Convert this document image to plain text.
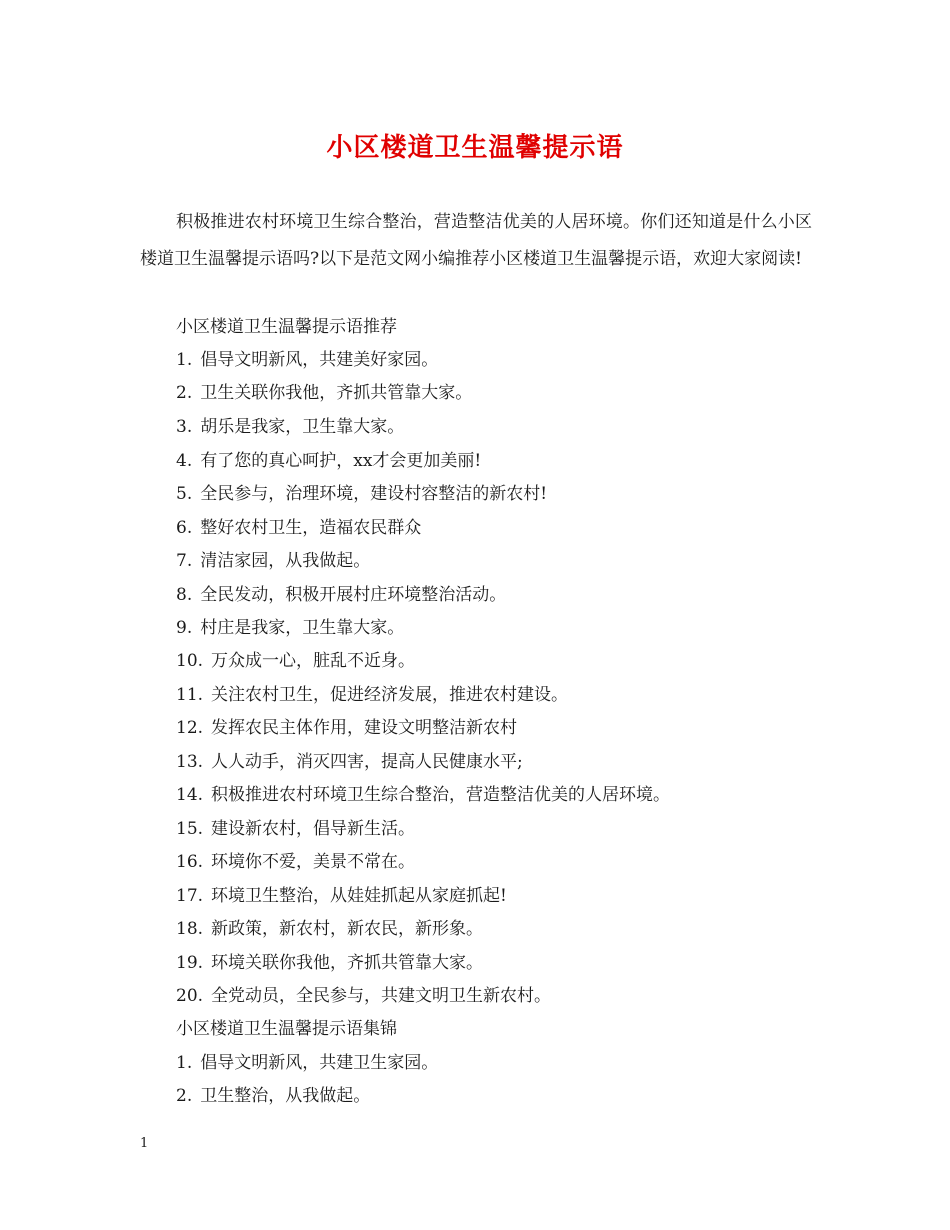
小区楼道卫生温馨提示语

积极推进农村环境卫生综合整治，营造整洁优美的人居环境。你们还知道是什么小区楼道卫生温馨提示语吗?以下是范文网小编推荐小区楼道卫生温馨提示语，欢迎大家阅读!

小区楼道卫生温馨提示语推荐

1. 倡导文明新风，共建美好家园。

2. 卫生关联你我他，齐抓共管靠大家。

3. 胡乐是我家，卫生靠大家。

4. 有了您的真心呵护，xx才会更加美丽!

5. 全民参与，治理环境，建设村容整洁的新农村!

6. 整好农村卫生，造福农民群众

7. 清洁家园，从我做起。

8. 全民发动，积极开展村庄环境整治活动。

9. 村庄是我家，卫生靠大家。

10. 万众成一心，脏乱不近身。

11. 关注农村卫生，促进经济发展，推进农村建设。

12. 发挥农民主体作用，建设文明整洁新农村

13. 人人动手，消灭四害，提高人民健康水平;

14. 积极推进农村环境卫生综合整治，营造整洁优美的人居环境。

15. 建设新农村，倡导新生活。

16. 环境你不爱，美景不常在。

17. 环境卫生整治，从娃娃抓起从家庭抓起!

18. 新政策，新农村，新农民，新形象。

19. 环境关联你我他，齐抓共管靠大家。

20. 全党动员，全民参与，共建文明卫生新农村。

小区楼道卫生温馨提示语集锦

1. 倡导文明新风，共建卫生家园。

2. 卫生整治，从我做起。

1
